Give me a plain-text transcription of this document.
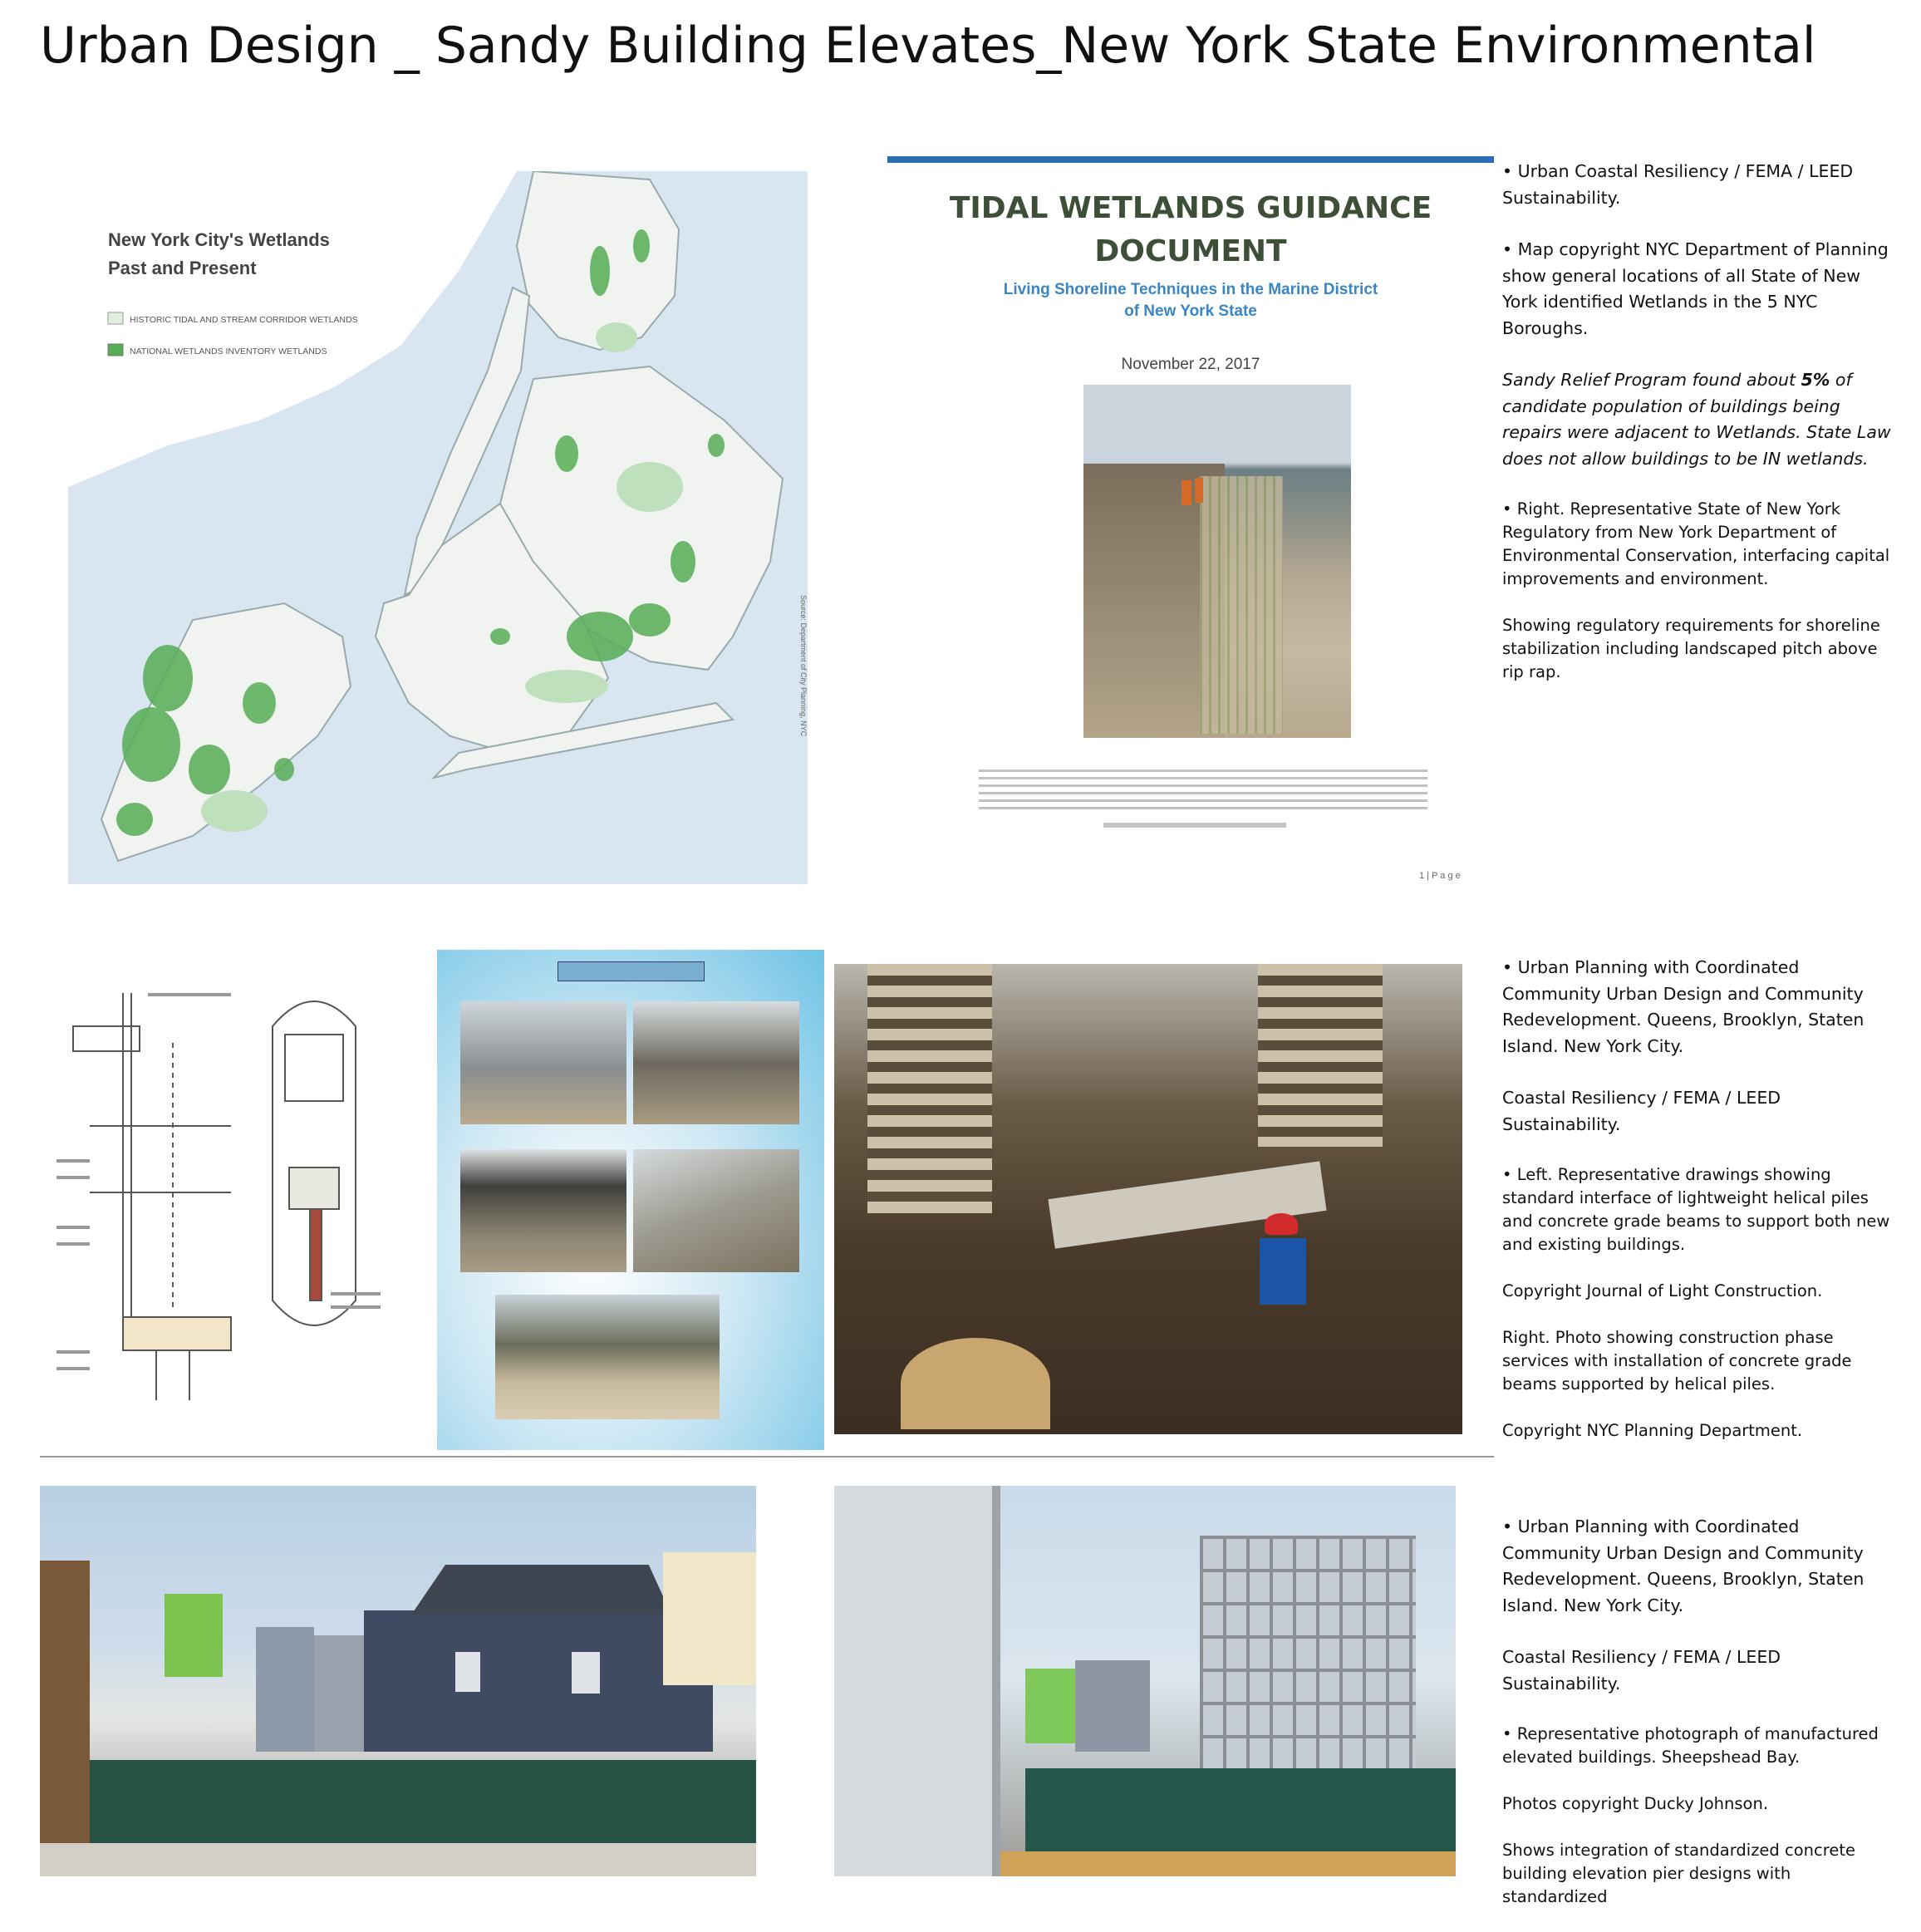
Urban Design _ Sandy Building Elevates_New York State Environmental
New York City's Wetlands
Past and Present
HISTORIC TIDAL AND STREAM CORRIDOR WETLANDS
NATIONAL WETLANDS INVENTORY WETLANDS
Source: Department of City Planning, NYC
TIDAL WETLANDS GUIDANCE
DOCUMENT
Living Shoreline Techniques in the Marine District
of New York State
November 22, 2017
1 | P a g e

• Urban Coastal Resiliency / FEMA / LEED Sustainability.

• Map copyright NYC Department of Planning show general locations of all State of New York identified Wetlands in the 5 NYC Boroughs.

Sandy Relief Program found about 5% of candidate population of buildings being repairs were adjacent to Wetlands. State Law does not allow buildings to be IN wetlands.

• Right. Representative State of New York Regulatory from New York Department of Environmental Conservation, interfacing capital improvements and environment.

Showing regulatory requirements for shoreline stabilization including landscaped pitch above rip rap.

• Urban Planning with Coordinated Community Urban Design and Community Redevelopment. Queens, Brooklyn, Staten Island. New York City.

Coastal Resiliency / FEMA / LEED Sustainability.

• Left. Representative drawings showing standard interface of lightweight helical piles and concrete grade beams to support both new and existing buildings.

Copyright Journal of Light Construction.

Right. Photo showing construction phase services with installation of concrete grade beams supported by helical piles.

Copyright NYC Planning Department.

• Urban Planning with Coordinated Community Urban Design and Community Redevelopment. Queens, Brooklyn, Staten Island. New York City.

Coastal Resiliency / FEMA / LEED Sustainability.

• Representative photograph of manufactured elevated buildings. Sheepshead Bay.

Photos copyright Ducky Johnson.

Shows integration of standardized concrete building elevation pier designs with standardized
